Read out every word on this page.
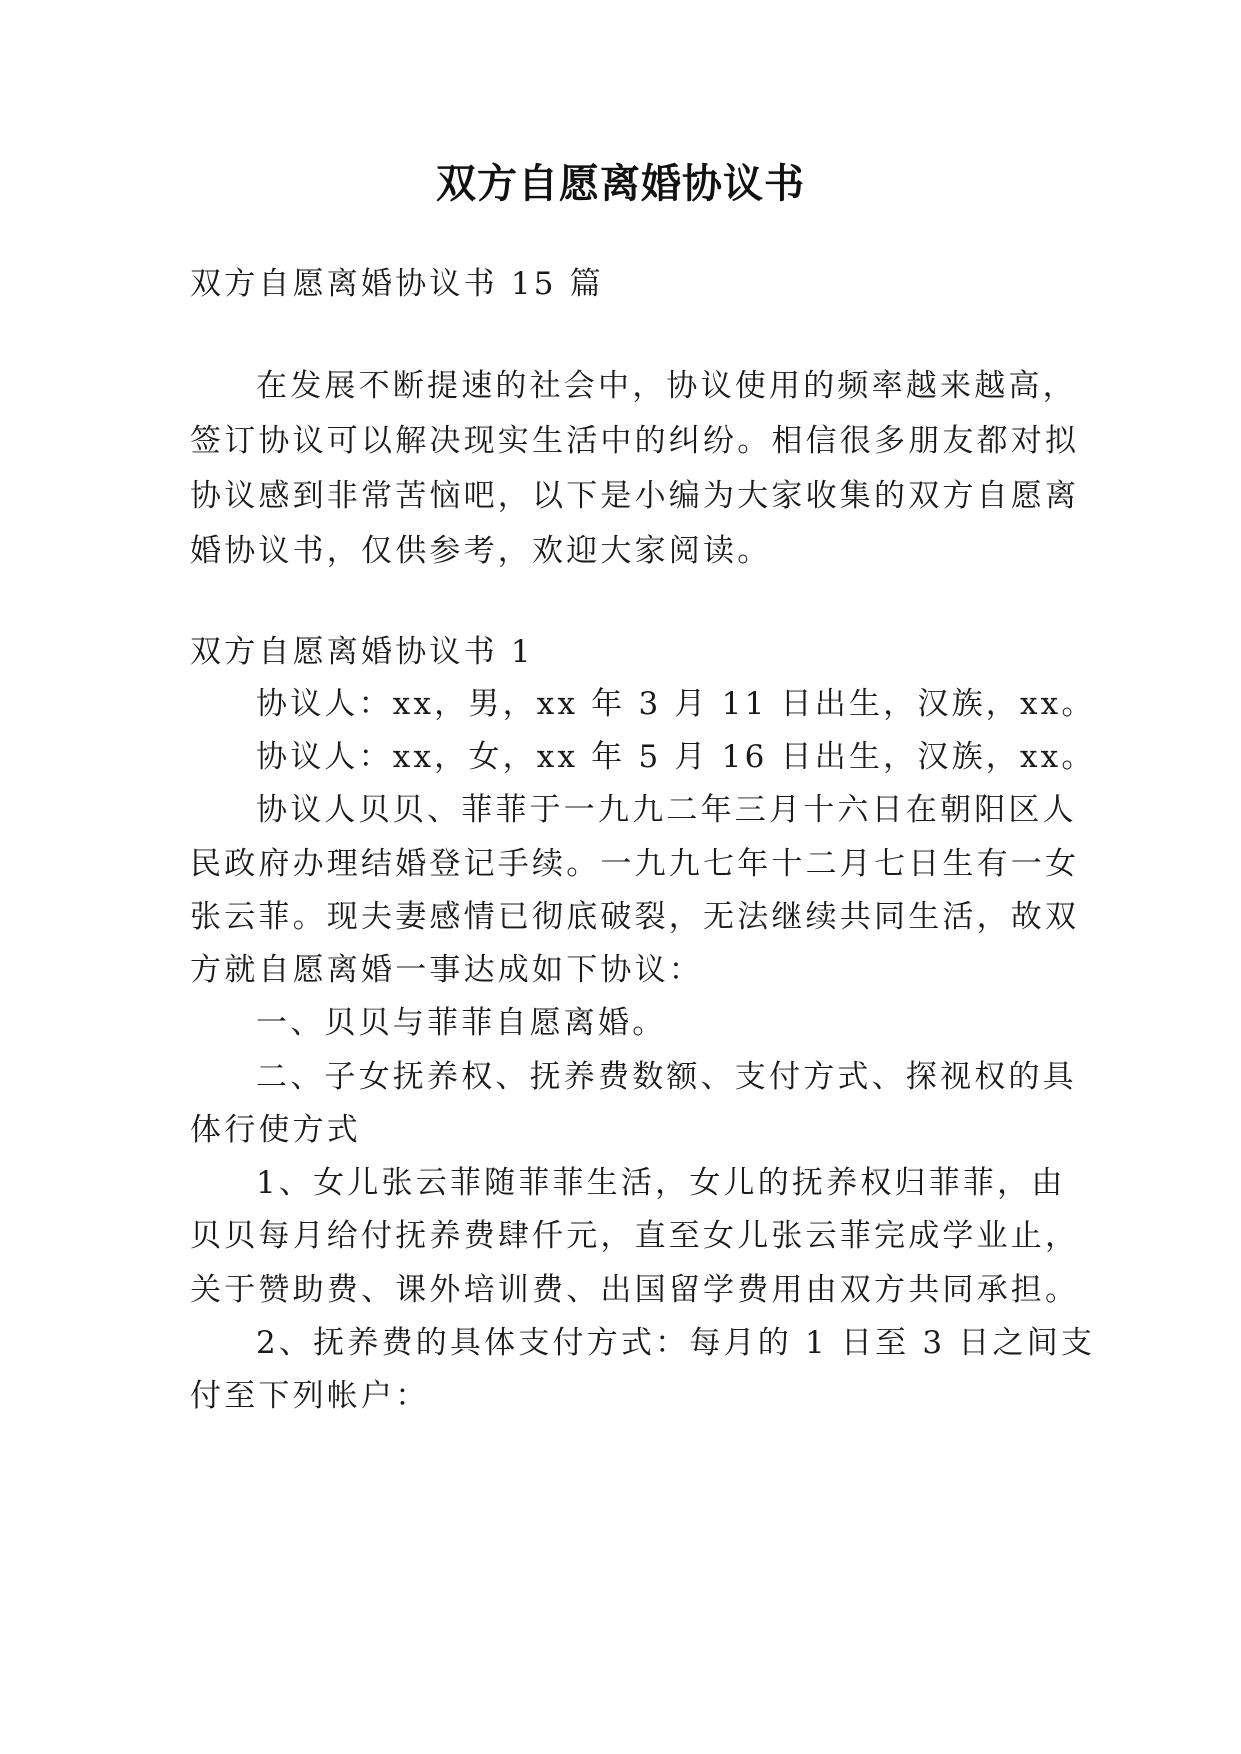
双方自愿离婚协议书
双方自愿离婚协议书 15 篇
在发展不断提速的社会中，协议使用的频率越来越高，
签订协议可以解决现实生活中的纠纷。相信很多朋友都对拟
协议感到非常苦恼吧，以下是小编为大家收集的双方自愿离
婚协议书，仅供参考，欢迎大家阅读。
双方自愿离婚协议书 1
协议人：xx，男，xx 年 3 月 11 日出生，汉族，xx。
协议人：xx，女，xx 年 5 月 16 日出生，汉族，xx。
协议人贝贝、菲菲于一九九二年三月十六日在朝阳区人
民政府办理结婚登记手续。一九九七年十二月七日生有一女
张云菲。现夫妻感情已彻底破裂，无法继续共同生活，故双
方就自愿离婚一事达成如下协议：
一、贝贝与菲菲自愿离婚。
二、子女抚养权、抚养费数额、支付方式、探视权的具
体行使方式
1、女儿张云菲随菲菲生活，女儿的抚养权归菲菲，由
贝贝每月给付抚养费肆仟元，直至女儿张云菲完成学业止，
关于赞助费、课外培训费、出国留学费用由双方共同承担。
2、抚养费的具体支付方式：每月的 1 日至 3 日之间支
付至下列帐户：
